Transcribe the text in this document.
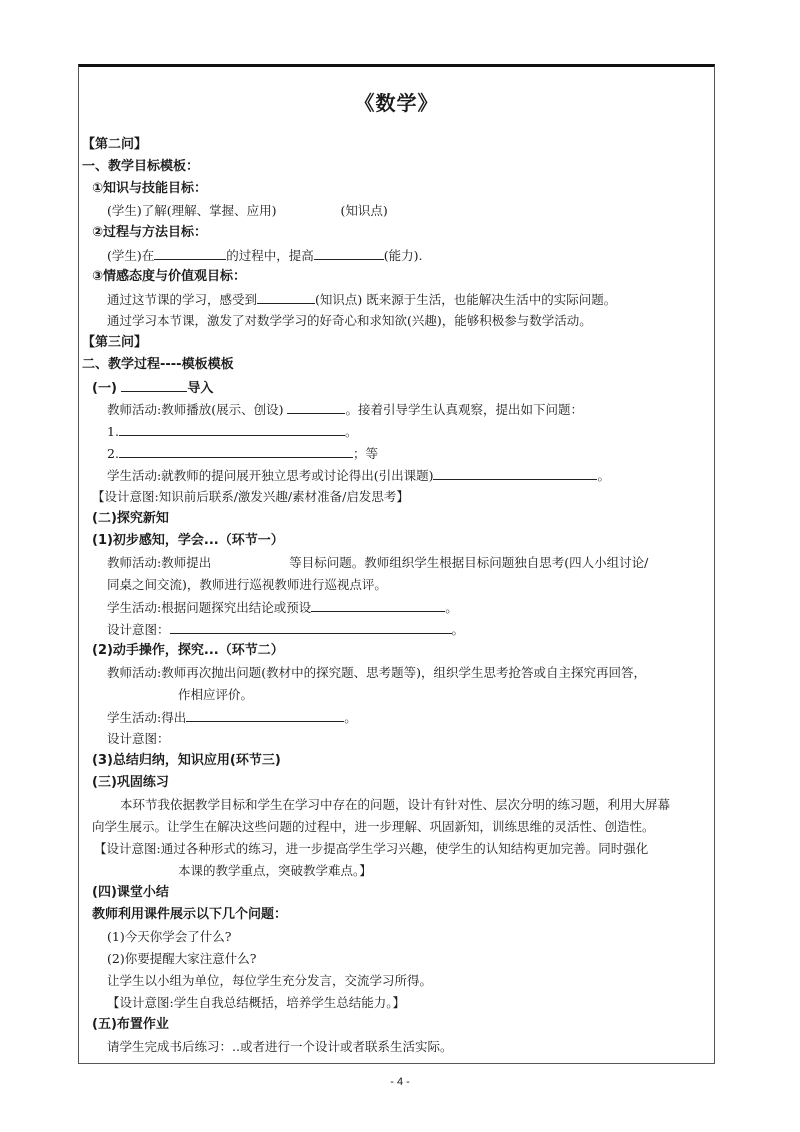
《数学》
【第二问】
一、教学目标模板：
①知识与技能目标：
(学生)了解(理解、掌握、应用)	(知识点)
②过程与方法目标：
(学生)在	的过程中，提高	(能力).
③情感态度与价值观目标：
通过这节课的学习，感受到	(知识点) 既来源于生活，也能解决生活中的实际问题。
通过学习本节课，激发了对数学学习的好奇心和求知欲(兴趣)，能够积极参与数学活动。
【第三问】
二、教学过程----模板模板
(一)	导入
教师活动:教师播放(展示、创设)	。接着引导学生认真观察，提出如下问题：
1.	。
2.	；等
学生活动:就教师的提问展开独立思考或讨论得出(引出课题)	。
【设计意图:知识前后联系/激发兴趣/素材准备/启发思考】
(二)探究新知
(1)初步感知，学会...（环节一）
教师活动:教师提出	等目标问题。教师组织学生根据目标问题独自思考(四人小组讨论/
同桌之间交流)，教师进行巡视教师进行巡视点评。
学生活动:根据问题探究出结论或预设	。
设计意图：	。
(2)动手操作，探究...（环节二）
教师活动:教师再次抛出问题(教材中的探究题、思考题等)，组织学生思考抢答或自主探究再回答，
作相应评价。
学生活动:得出	。
设计意图：
(3)总结归纳，知识应用(环节三)
(三)巩固练习
本环节我依据教学目标和学生在学习中存在的问题，设计有针对性、层次分明的练习题，利用大屏幕
向学生展示。让学生在解决这些问题的过程中，进一步理解、巩固新知，训练思维的灵活性、创造性。
【设计意图:通过各种形式的练习，进一步提高学生学习兴趣，使学生的认知结构更加完善。同时强化
本课的教学重点，突破教学难点。】
(四)课堂小结
教师利用课件展示以下几个问题：
(1)今天你学会了什么?
(2)你要提醒大家注意什么?
让学生以小组为单位，每位学生充分发言，交流学习所得。
【设计意图:学生自我总结概括，培养学生总结能力。】
(五)布置作业
请学生完成书后练习：..或者进行一个设计或者联系生活实际。
- 4 -
